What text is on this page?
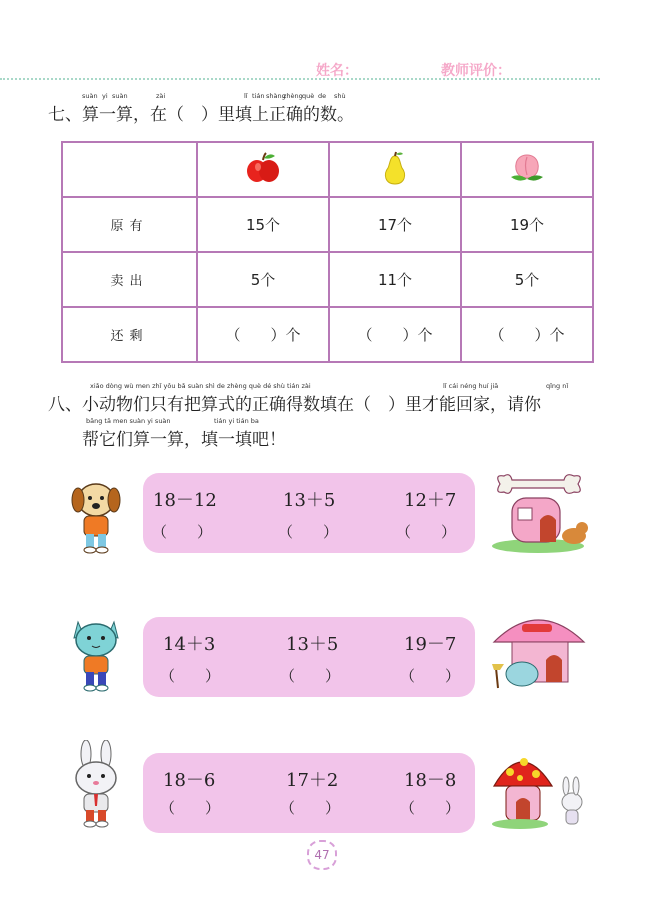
姓名：	教师评价：
suàn yi suàn	zài	lǐ tián shàng
zhèng què de shù
七、算一算，在（　）里填上正确的数。

原有	15个	17个	19个
卖出	5个	11个	5个
还剩	（　　）个	（　　）个	（　　）个
xiǎo dòng wù men zhǐ yǒu bǎ suàn shì de zhèng què dé shù tián zài	lǐ cái néng huí jiā	qǐng nǐ
八、小动物们只有把算式的正确得数填在（　）里才能回家，请你
bāng tā men suàn yi suàn	tián yi tián ba
帮它们算一算，填一填吧！
18－12	13＋5	12＋7
（　　）	（　　）	（　　）
14＋3	13＋5	19－7
（　　）	（　　）	（　　）
18－6	17＋2	18－8
（　　）	（　　）	（　　）
47
